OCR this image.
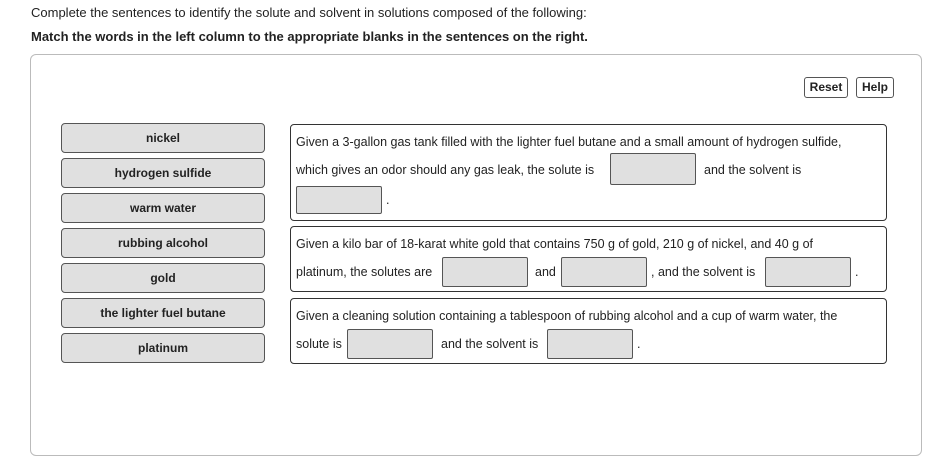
Complete the sentences to identify the solute and solvent in solutions composed of the following:
Match the words in the left column to the appropriate blanks in the sentences on the right.
Reset	Help
nickel
hydrogen sulfide
warm water
rubbing alcohol
gold
the lighter fuel butane
platinum
Given a 3-gallon gas tank filled with the lighter fuel butane and a small amount of hydrogen sulfide,
which gives an odor should any gas leak, the solute is	and the solvent is
.
Given a kilo bar of 18-karat white gold that contains 750 g of gold, 210 g of nickel, and 40 g of
platinum, the solutes are	and	, and the solvent is	.
Given a cleaning solution containing a tablespoon of rubbing alcohol and a cup of warm water, the
solute is	and the solvent is	.
